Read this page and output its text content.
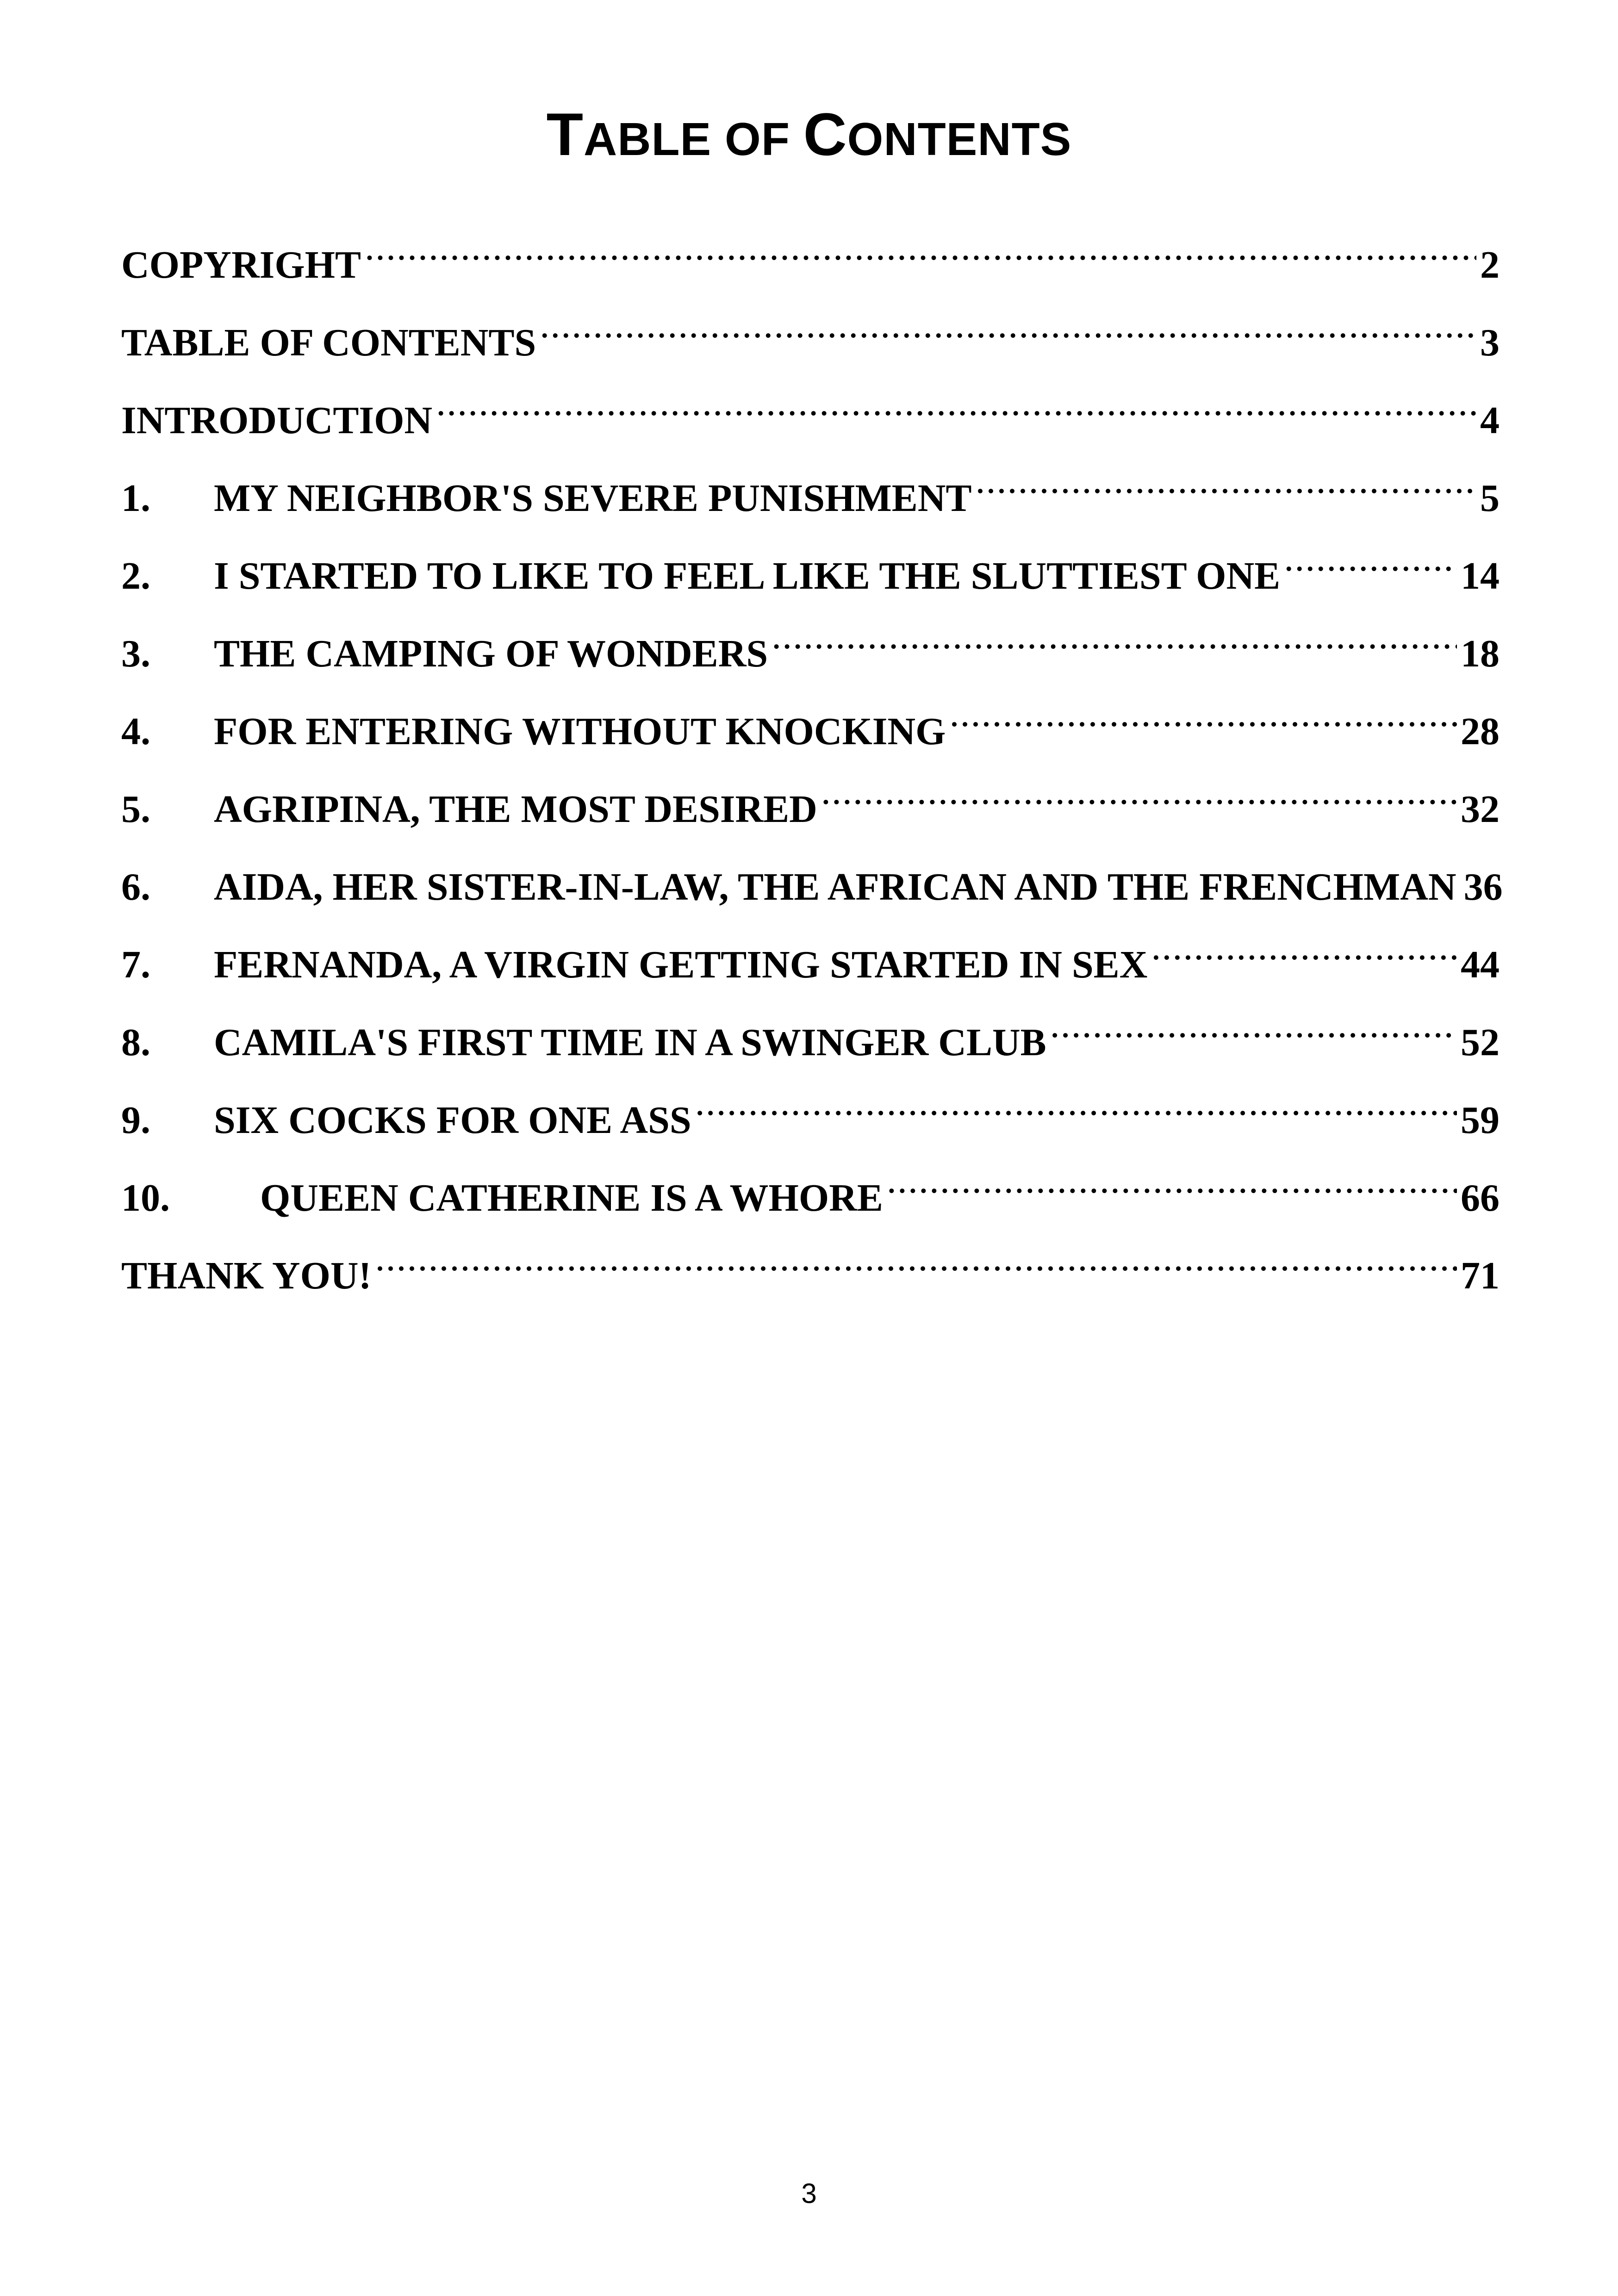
TABLE OF CONTENTS
COPYRIGHT .....	2
TABLE OF CONTENTS .....	3
INTRODUCTION .....	4
1.	MY NEIGHBOR'S SEVERE PUNISHMENT .....	5
2.	I STARTED TO LIKE TO FEEL LIKE THE SLUTTIEST ONE .....	14
3.	THE CAMPING OF WONDERS .....	18
4.	FOR ENTERING WITHOUT KNOCKING .....	28
5.	AGRIPINA, THE MOST DESIRED .....	32
6.	AIDA, HER SISTER-IN-LAW, THE AFRICAN AND THE FRENCHMAN 36
7.	FERNANDA, A VIRGIN GETTING STARTED IN SEX .....	44
8.	CAMILA'S FIRST TIME IN A SWINGER CLUB .....	52
9.	SIX COCKS FOR ONE ASS .....	59
10.	QUEEN CATHERINE IS A WHORE .....	66
THANK YOU! .....	71
3
